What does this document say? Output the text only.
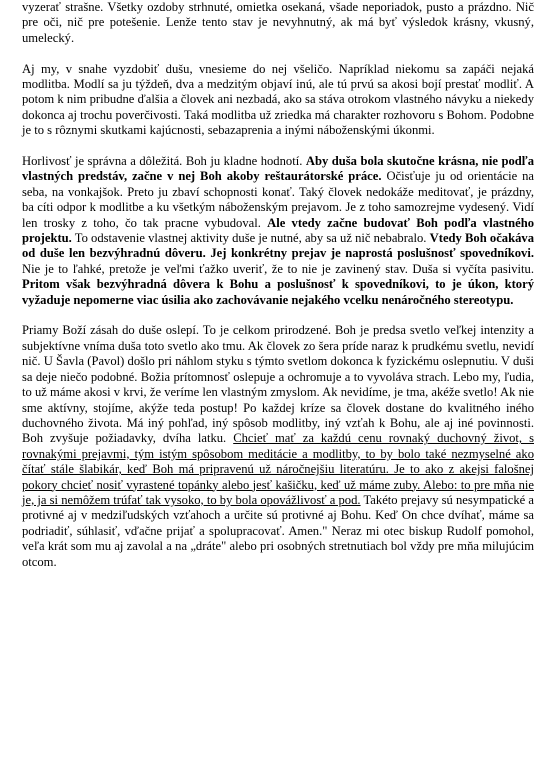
vyzerať strašne. Všetky ozdoby strhnuté, omietka osekaná, všade neporiadok, pusto a prázdno. Nič pre oči, nič pre potešenie. Lenže tento stav je nevyhnutný, ak má byť výsledok krásny, vkusný, umelecký.

Aj my, v snahe vyzdobiť dušu, vnesieme do nej všeličo. Napríklad niekomu sa zapáči nejaká modlitba. Modlí sa ju týždeň, dva a medzitým objaví inú, ale tú prvú sa akosi bojí prestať modliť. A potom k nim pribudne ďalšia a človek ani nezbadá, ako sa stáva otrokom vlastného návyku a niekedy dokonca aj trochu poverčivosti. Taká modlitba už zriedka má charakter rozhovoru s Bohom. Podobne je to s rôznymi skutkami kajúcnosti, sebazaprenia a inými náboženskými úkonmi.

Horlivosť je správna a dôležitá. Boh ju kladne hodnotí. Aby duša bola skutočne krásna, nie podľa vlastných predstáv, začne v nej Boh akoby reštaurátorské práce. Očisťuje ju od orientácie na seba, na vonkajšok. Preto ju zbaví schopnosti konať. Taký človek nedokáže meditovať, je prázdny, ba cíti odpor k modlitbe a ku všetkým náboženským prejavom. Je z toho samozrejme vydesený. Vidí len trosky z toho, čo tak pracne vybudoval. Ale vtedy začne budovať Boh podľa vlastného projektu. To odstavenie vlastnej aktivity duše je nutné, aby sa už nič nebabralo. Vtedy Boh očakáva od duše len bezvýhradnú dôveru. Jej konkrétny prejav je naprostá poslušnosť spovedníkovi. Nie je to ľahké, pretože je veľmi ťažko uveriť, že to nie je zavinený stav. Duša si vyčíta pasivitu. Pritom však bezvýhradná dôvera k Bohu a poslušnosť k spovedníkovi, to je úkon, ktorý vyžaduje nepomerne viac úsilia ako zachovávanie nejakého vcelku nenáročného stereotypu.

Priamy Boží zásah do duše oslepí. To je celkom prirodzené. Boh je predsa svetlo veľkej intenzity a subjektívne vníma duša toto svetlo ako tmu. Ak človek zo šera príde naraz k prudkému svetlu, nevidí nič. U Šavla (Pavol) došlo pri náhlom styku s týmto svetlom dokonca k fyzickému oslepnutiu. V duši sa deje niečo podobné. Božia prítomnosť oslepuje a ochromuje a to vyvoláva strach. Lebo my, ľudia, to už máme akosi v krvi, že veríme len vlastným zmyslom. Ak nevidíme, je tma, akéže svetlo! Ak nie sme aktívny, stojíme, akýže teda postup! Po každej kríze sa človek dostane do kvalitného iného duchovného života. Má iný pohľad, iný spôsob modlitby, iný vzťah k Bohu, ale aj iné povinnosti. Boh zvyšuje požiadavky, dvíha latku. Chcieť mať za každú cenu rovnaký duchovný život, s rovnakými prejavmi, tým istým spôsobom meditácie a modlitby, to by bolo také nezmyselné ako čítať stále šlabikár, keď Boh má pripravenú už náročnejšiu literatúru. Je to ako z akejsi falošnej pokory chcieť nosiť vyrastené topánky alebo jesť kašičku, keď už máme zuby. Alebo: to pre mňa nie je, ja si nemôžem trúfať tak vysoko, to by bola opovážlivosť a pod. Takéto prejavy sú nesympatické a protivné aj v medziľudských vzťahoch a určite sú protivné aj Bohu. Keď On chce dvíhať, máme sa podriadiť, súhlasiť, vďačne prijať a spolupracovať. Amen." Neraz mi otec biskup Rudolf pomohol, veľa krát som mu aj zavolal a na „dráte" alebo pri osobných stretnutiach bol vždy pre mňa milujúcim otcom.
